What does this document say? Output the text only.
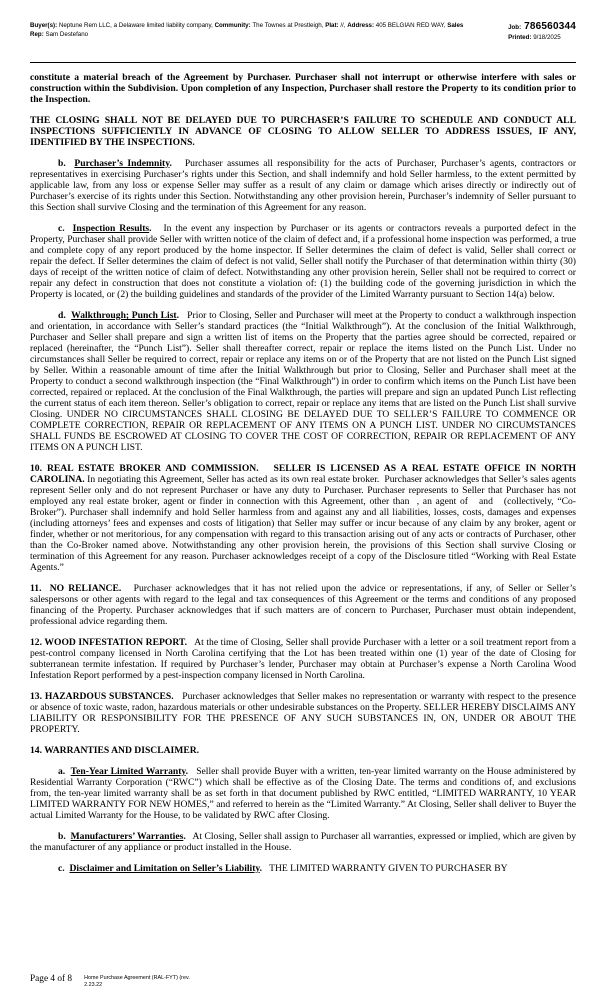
Buyer(s): Neptune Rem LLC, a Delaware limited liability company, Community: The Townes at Prestleigh, Plat: //, Address: 405 BELGIAN RED WAY, Sales Rep: Sam Destefano
Job: 786560344
Printed: 9/18/2025

constitute a material breach of the Agreement by Purchaser. Purchaser shall not interrupt or otherwise interfere with sales or construction within the Subdivision. Upon completion of any Inspection, Purchaser shall restore the Property to its condition prior to the Inspection.

THE CLOSING SHALL NOT BE DELAYED DUE TO PURCHASER’S FAILURE TO SCHEDULE AND CONDUCT ALL INSPECTIONS SUFFICIENTLY IN ADVANCE OF CLOSING TO ALLOW SELLER TO ADDRESS ISSUES, IF ANY, IDENTIFIED BY THE INSPECTIONS.

b.  Purchaser’s Indemnity.   Purchaser assumes all responsibility for the acts of Purchaser, Purchaser’s agents, contractors or representatives in exercising Purchaser’s rights under this Section, and shall indemnify and hold Seller harmless, to the extent permitted by applicable law, from any loss or expense Seller may suffer as a result of any claim or damage which arises directly or indirectly out of Purchaser’s exercise of its rights under this Section. Notwithstanding any other provision herein, Purchaser’s indemnity of Seller pursuant to this Section shall survive Closing and the termination of this Agreement for any reason.

c.  Inspection Results.   In the event any inspection by Purchaser or its agents or contractors reveals a purported defect in the Property, Purchaser shall provide Seller with written notice of the claim of defect and, if a professional home inspection was performed, a true and complete copy of any report produced by the home inspector. If Seller determines the claim of defect is valid, Seller shall correct or repair the defect. If Seller determines the claim of defect is not valid, Seller shall notify the Purchaser of that determination within thirty (30) days of receipt of the written notice of claim of defect. Notwithstanding any other provision herein, Seller shall not be required to correct or repair any defect in construction that does not constitute a violation of: (1) the building code of the governing jurisdiction in which the Property is located, or (2) the building guidelines and standards of the provider of the Limited Warranty pursuant to Section 14(a) below.

d.  Walkthrough; Punch List.   Prior to Closing, Seller and Purchaser will meet at the Property to conduct a walkthrough inspection and orientation, in accordance with Seller’s standard practices (the “Initial Walkthrough”). At the conclusion of the Initial Walkthrough, Purchaser and Seller shall prepare and sign a written list of items on the Property that the parties agree should be corrected, repaired or replaced (hereinafter, the “Punch List”). Seller shall thereafter correct, repair or replace the items listed on the Punch List. Under no circumstances shall Seller be required to correct, repair or replace any items on or of the Property that are not listed on the Punch List signed by Seller. Within a reasonable amount of time after the Initial Walkthrough but prior to Closing, Seller and Purchaser shall meet at the Property to conduct a second walkthrough inspection (the “Final Walkthrough”) in order to confirm which items on the Punch List have been corrected, repaired or replaced. At the conclusion of the Final Walkthrough, the parties will prepare and sign an updated Punch List reflecting the current status of each item thereon. Seller’s obligation to correct, repair or replace any items that are listed on the Punch List shall survive Closing. UNDER NO CIRCUMSTANCES SHALL CLOSING BE DELAYED DUE TO SELLER’S FAILURE TO COMMENCE OR COMPLETE CORRECTION, REPAIR OR REPLACEMENT OF ANY ITEMS ON A PUNCH LIST. UNDER NO CIRCUMSTANCES SHALL FUNDS BE ESCROWED AT CLOSING TO COVER THE COST OF CORRECTION, REPAIR OR REPLACEMENT OF ANY ITEMS ON A PUNCH LIST.

10. REAL ESTATE BROKER AND COMMISSION.   SELLER IS LICENSED AS A REAL ESTATE OFFICE IN NORTH CAROLINA. In negotiating this Agreement, Seller has acted as its own real estate broker.  Purchaser acknowledges that Seller’s sales agents represent Seller only and do not represent Purchaser or have any duty to Purchaser. Purchaser represents to Seller that Purchaser has not employed any real estate broker, agent or finder in connection with this Agreement, other than  , an agent of   and   (collectively, “Co-Broker”). Purchaser shall indemnify and hold Seller harmless from and against any and all liabilities, losses, costs, damages and expenses (including attorneys’ fees and expenses and costs of litigation) that Seller may suffer or incur because of any claim by any broker, agent or finder, whether or not meritorious, for any compensation with regard to this transaction arising out of any acts or contracts of Purchaser, other than the Co-Broker named above. Notwithstanding any other provision herein, the provisions of this Section shall survive Closing or termination of this Agreement for any reason. Purchaser acknowledges receipt of a copy of the Disclosure titled “Working with Real Estate Agents.”

11.  NO RELIANCE.   Purchaser acknowledges that it has not relied upon the advice or representations, if any, of Seller or Seller’s salespersons or other agents with regard to the legal and tax consequences of this Agreement or the terms and conditions of any proposed financing of the Property. Purchaser acknowledges that if such matters are of concern to Purchaser, Purchaser must obtain independent, professional advice regarding them.

12. WOOD INFESTATION REPORT.   At the time of Closing, Seller shall provide Purchaser with a letter or a soil treatment report from a pest-control company licensed in North Carolina certifying that the Lot has been treated within one (1) year of the date of Closing for subterranean termite infestation. If required by Purchaser’s lender, Purchaser may obtain at Purchaser’s expense a North Carolina Wood Infestation Report performed by a pest-inspection company licensed in North Carolina.

13. HAZARDOUS SUBSTANCES.   Purchaser acknowledges that Seller makes no representation or warranty with respect to the presence or absence of toxic waste, radon, hazardous materials or other undesirable substances on the Property. SELLER HEREBY DISCLAIMS ANY LIABILITY OR RESPONSIBILITY FOR THE PRESENCE OF ANY SUCH SUBSTANCES IN, ON, UNDER OR ABOUT THE PROPERTY.

14. WARRANTIES AND DISCLAIMER.

a.  Ten-Year Limited Warranty.   Seller shall provide Buyer with a written, ten-year limited warranty on the House administered by Residential Warranty Corporation (“RWC”) which shall be effective as of the Closing Date. The terms and conditions of, and exclusions from, the ten-year limited warranty shall be as set forth in that document published by RWC entitled, “LIMITED WARRANTY, 10 YEAR LIMITED WARRANTY FOR NEW HOMES,” and referred to herein as the “Limited Warranty.” At Closing, Seller shall deliver to Buyer the actual Limited Warranty for the House, to be validated by RWC after Closing.

b.  Manufacturers’ Warranties.   At Closing, Seller shall assign to Purchaser all warranties, expressed or implied, which are given by the manufacturer of any appliance or product installed in the House.

c.  Disclaimer and Limitation on Seller’s Liability.   THE LIMITED WARRANTY GIVEN TO PURCHASER BY

Page 4 of 8 Home Purchase Agreement (RAL-FYT) (rev. 2.23.22
